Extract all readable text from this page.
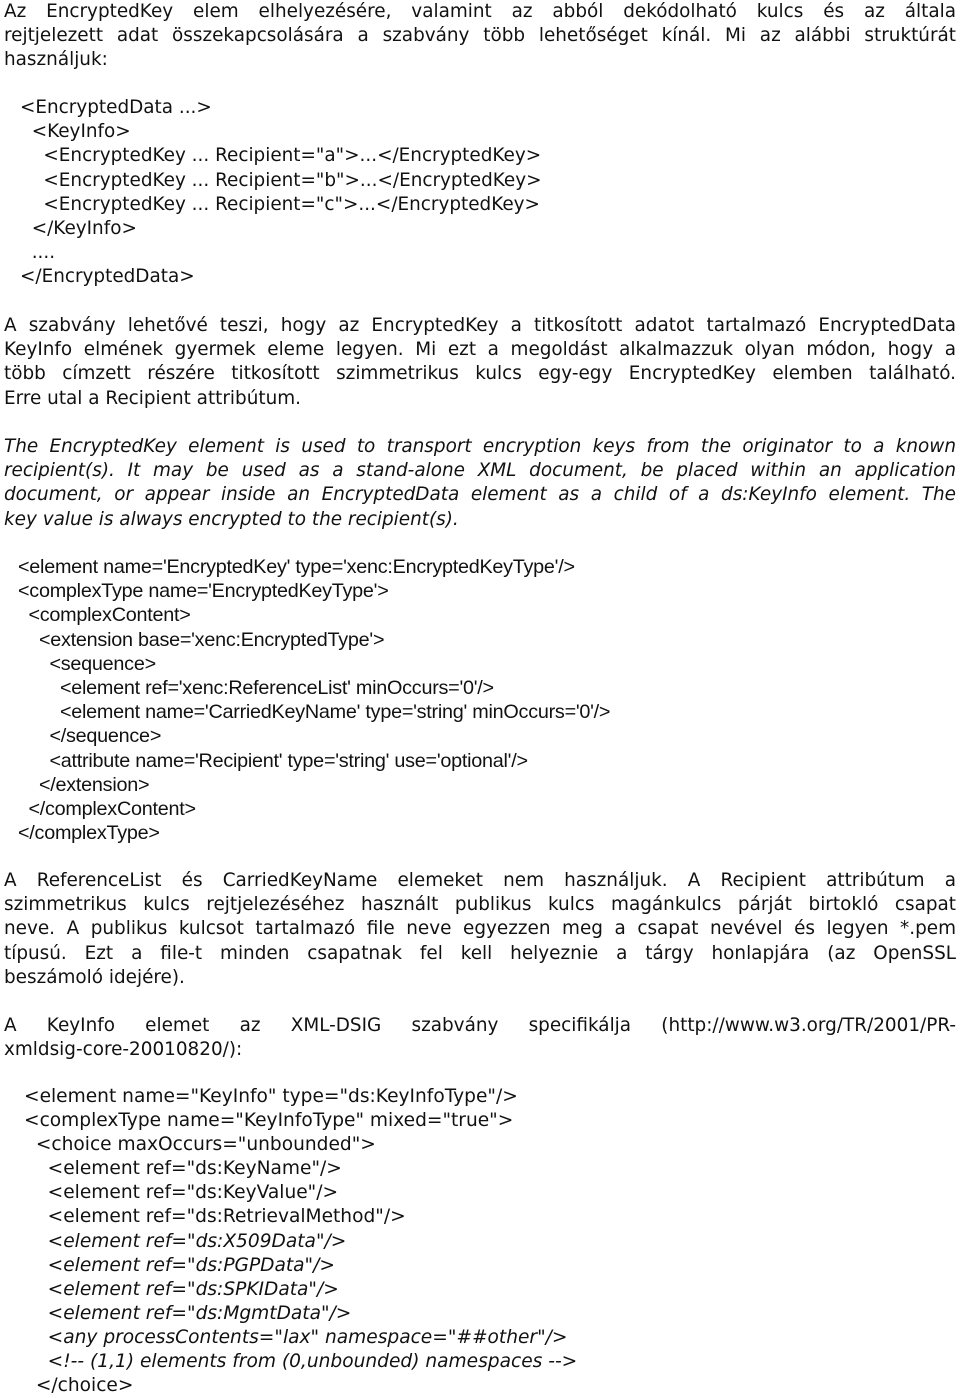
Az EncryptedKey elem elhelyezésére, valamint az abból dekódolható kulcs és az általa
rejtjelezett adat összekapcsolására a szabvány több lehetőséget kínál. Mi az alábbi struktúrát
használjuk:
<EncryptedData ...>
<KeyInfo>
<EncryptedKey ... Recipient="a">...</EncryptedKey>
<EncryptedKey ... Recipient="b">...</EncryptedKey>
<EncryptedKey ... Recipient="c">...</EncryptedKey>
</KeyInfo>
....
</EncryptedData>
A szabvány lehetővé teszi, hogy az EncryptedKey a titkosított adatot tartalmazó EncryptedData
KeyInfo elmének gyermek eleme legyen. Mi ezt a megoldást alkalmazzuk olyan módon, hogy a
több címzett részére titkosított szimmetrikus kulcs egy-egy EncryptedKey elemben található.
Erre utal a Recipient attribútum.
The EncryptedKey element is used to transport encryption keys from the originator to a known
recipient(s). It may be used as a stand-alone XML document, be placed within an application
document, or appear inside an EncryptedData element as a child of a ds:KeyInfo element. The
key value is always encrypted to the recipient(s).
<element name='EncryptedKey' type='xenc:EncryptedKeyType'/>
<complexType name='EncryptedKeyType'>
<complexContent>
<extension base='xenc:EncryptedType'>
<sequence>
<element ref='xenc:ReferenceList' minOccurs='0'/>
<element name='CarriedKeyName' type='string' minOccurs='0'/>
</sequence>
<attribute name='Recipient' type='string' use='optional'/>
</extension>
</complexContent>
</complexType>
A ReferenceList és CarriedKeyName elemeket nem használjuk. A Recipient attribútum a
szimmetrikus kulcs rejtjelezéséhez használt publikus kulcs magánkulcs párját birtokló csapat
neve. A publikus kulcsot tartalmazó file neve egyezzen meg a csapat nevével és legyen *.pem
típusú. Ezt a file-t minden csapatnak fel kell helyeznie a tárgy honlapjára (az OpenSSL
beszámoló idejére).
A KeyInfo elemet az XML-DSIG szabvány specifikálja (http://www.w3.org/TR/2001/PR-
xmldsig-core-20010820/):
<element name="KeyInfo" type="ds:KeyInfoType"/>
<complexType name="KeyInfoType" mixed="true">
<choice maxOccurs="unbounded">
<element ref="ds:KeyName"/>
<element ref="ds:KeyValue"/>
<element ref="ds:RetrievalMethod"/>
<element ref="ds:X509Data"/>
<element ref="ds:PGPData"/>
<element ref="ds:SPKIData"/>
<element ref="ds:MgmtData"/>
<any processContents="lax" namespace="##other"/>
<!-- (1,1) elements from (0,unbounded) namespaces -->
</choice>
